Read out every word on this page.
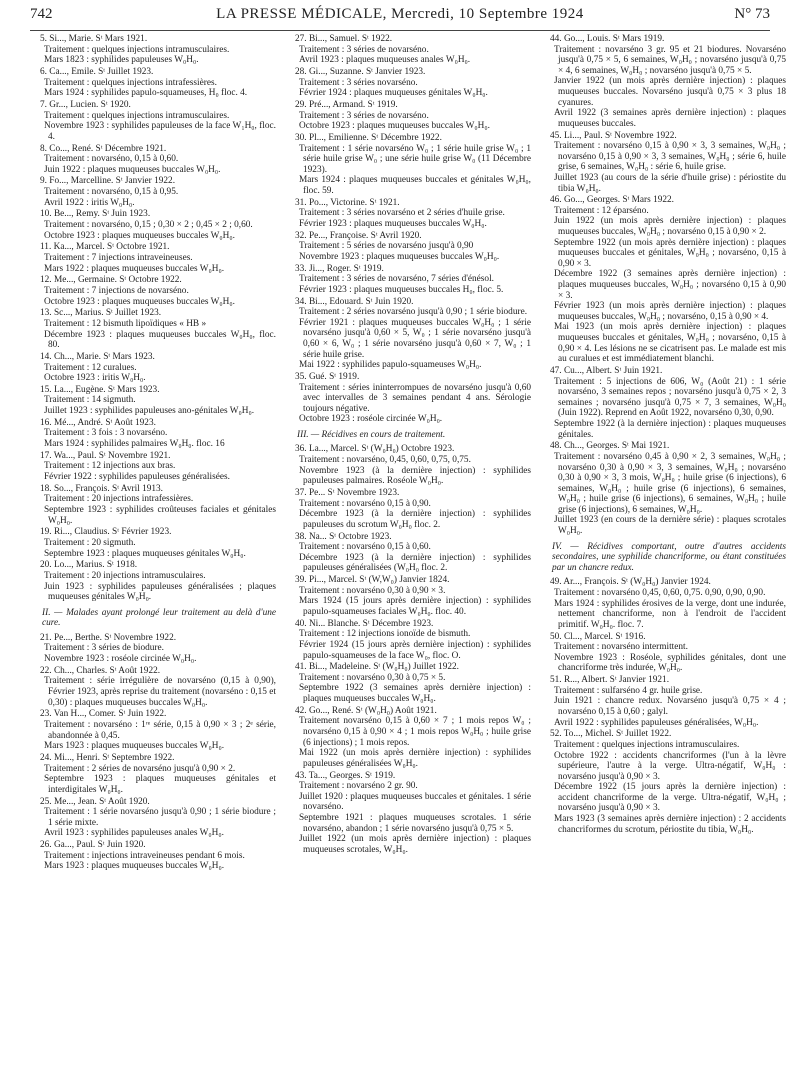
742	LA PRESSE MÉDICALE, Mercredi, 10 Septembre 1924	N° 73
5. Si..., Marie. Sᵗ Mars 1921.
Traitement : quelques injections intramusculaires.
Mars 1823 : syphilides papuleuses W₀H₀.
6. Ca..., Emile. Sᵗ Juillet 1923.
Traitement : quelques injections intrafessières.
Mars 1924 : syphilides papulo-squameuses, H₀ floc. 4.
7. Gr..., Lucien. Sᵗ 1920.
Traitement : quelques injections intramusculaires.
Novembre 1923 : syphilides papuleuses de la face W₁H₀, floc. 4.
8. Co..., René. Sᵗ Décembre 1921.
Traitement : novarséno, 0,15 à 0,60.
Juin 1922 : plaques muqueuses buccales W₀H₀.
9. Fo..., Marcelline. Sᵗ Janvier 1922.
Traitement : novarséno, 0,15 à 0,95.
Avril 1922 : iritis W₀H₀.
10. Be..., Remy. Sᵗ Juin 1923.
Traitement : novarséno, 0,15 ; 0,30 × 2 ; 0,45 × 2 ; 0,60.
Octobre 1923 : plaques muqueuses buccales W₀H₀.
11. Ka..., Marcel. Sᵗ Octobre 1921.
Traitement : 7 injections intraveineuses.
Mars 1922 : plaques muqueuses buccales W₀H₀.
12. Me..., Germaine. Sᵗ Octobre 1922.
Traitement : 7 injections de novarséno.
Octobre 1923 : plaques muqueuses buccales W₀H₀.
13. Sc..., Marius. Sᵗ Juillet 1923.
Traitement : 12 bismuth lipoïdiques « HB »
Décembre 1923 : plaques muqueuses buccales W₀H₀, floc. 80.
14. Ch..., Marie. Sᵗ Mars 1923.
Traitement : 12 curalues.
Octobre 1923 : iritis W₀H₀.
15. La..., Eugène. Sᵗ Mars 1923.
Traitement : 14 sigmuth.
Juillet 1923 : syphilides papuleuses ano-génitales W₀H₀.
16. Mé..., André. Sᵗ Août 1923.
Traitement : 3 fois : 3 novarséno.
Mars 1924 : syphilides palmaires W₀H₀. floc. 16
17. Wa..., Paul. Sᵗ Novembre 1921.
Traitement : 12 injections aux bras.
Février 1922 : syphilides papuleuses généralisées.
18. So..., François. Sᵗ Avril 1913.
Traitement : 20 injections intrafessières.
Septembre 1923 : syphilides croûteuses faciales et génitales W₀H₀.
19. Ri..., Claudius. Sᵗ Février 1923.
Traitement : 20 sigmuth.
Septembre 1923 : plaques muqueuses génitales W₀H₀.
20. Lo..., Marius. Sᵗ 1918.
Traitement : 20 injections intramusculaires.
Juin 1923 : syphilides papuleuses généralisées ; plaques muqueuses génitales W₀H₀.
II. — Malades ayant prolongé leur traitement au delà d'une cure.
21. Pe..., Berthe. Sᵗ Novembre 1922.
Traitement : 3 séries de biodure.
Novembre 1923 : roséole circinée W₀H₀.
22. Ch..., Charles. Sᵗ Août 1922.
Traitement : série irrégulière de novarséno (0,15 à 0,90), Février 1923, après reprise du traitement (novarséno : 0,15 et 0,30) : plaques muqueuses buccales W₀H₀.
23. Van H..., Comer. Sᵗ Juin 1922.
Traitement : novarséno : 1ʳᵉ série, 0,15 à 0,90 × 3 ; 2ᵉ série, abandonnée à 0,45.
Mars 1923 : plaques muqueuses buccales W₀H₀.
24. Mi..., Henri. Sᵗ Septembre 1922.
Traitement : 2 séries de novarséno jusqu'à 0,90 × 2.
Septembre 1923 : plaques muqueuses génitales et interdigitales W₀H₀.
25. Me..., Jean. Sᵗ Août 1920.
Traitement : 1 série novarséno jusqu'à 0,90 ; 1 série biodure ; 1 série mixte.
Avril 1923 : syphilides papuleuses anales W₀H₀.
26. Ga..., Paul. Sᵗ Juin 1920.
Traitement : injections intraveineuses pendant 6 mois.
Mars 1923 : plaques muqueuses buccales W₀H₀.
27. Bi..., Samuel. Sᵗ 1922.
Traitement : 3 séries de novarséno.
Avril 1923 : plaques muqueuses anales W₀H₀.
28. Gi..., Suzanne. Sᵗ Janvier 1923.
Traitement : 3 séries novarséno.
Février 1924 : plaques muqueuses génitales W₀H₀.
29. Pré..., Armand. Sᵗ 1919.
Traitement : 3 séries de novarséno.
Octobre 1923 : plaques muqueuses buccales W₀H₀.
30. Pl..., Emilienne. Sᵗ Décembre 1922.
Traitement : 1 série novarséno W₀ ; 1 série huile grise W₀ ; 1 série huile grise W₀ ; une série huile grise W₀ (11 Décembre 1923).
Mars 1924 : plaques muqueuses buccales et génitales W₀H₀, floc. 59.
31. Po..., Victorine. Sᵗ 1921.
Traitement : 3 séries novarséno et 2 séries d'huile grise.
Février 1923 : plaques muqueuses buccales W₀H₀.
32. Pe..., Françoise. Sᵗ Avril 1920.
Traitement : 5 séries de novarséno jusqu'à 0,90
Novembre 1923 : plaques muqueuses buccales W₀H₀.
33. Ji..., Roger. Sᵗ 1919.
Traitement : 3 séries de novarséno, 7 séries d'énésol.
Février 1923 : plaques muqueuses buccales H₀, floc. 5.
34. Bi..., Edouard. Sᵗ Juin 1920.
Traitement : 2 séries novarséno jusqu'à 0,90 ; 1 série biodure.
Février 1921 : plaques muqueuses buccales W₀H₀ ; 1 série novarséno jusqu'à 0,60 × 5, W₀ ; 1 série novarséno jusqu'à 0,60 × 6, W₀ ; 1 série novarséno jusqu'à 0,60 × 7, W₀ ; 1 série huile grise.
Mai 1922 : syphilides papulo-squameuses W₀H₀.
35. Gué. Sᵗ 1919.
Traitement : séries ininterrompues de novarséno jusqu'à 0,60 avec intervalles de 3 semaines pendant 4 ans. Sérologie toujours négative.
Octobre 1923 : roséole circinée W₀H₀.
III. — Récidives en cours de traitement.
36. La..., Marcel. Sᵗ (W₀H₀) Octobre 1923.
Traitement : novarséno, 0,45, 0,60, 0,75, 0,75.
Novembre 1923 (à la dernière injection) : syphilides papuleuses palmaires. Roséole W₀H₀.
37. Pe... Sᵗ Novembre 1923.
Traitement : novarséno 0,15 à 0,90.
Décembre 1923 (à la dernière injection) : syphilides papuleuses du scrotum W₀H₀ floc. 2.
38. Na... Sᵗ Octobre 1923.
Traitement : novarséno 0,15 à 0,60.
Décembre 1923 (à la dernière injection) : syphilides papuleuses généralisées (W₀H₀ floc. 2.
39. Pi..., Marcel. Sᵗ (W,W₀) Janvier 1824.
Traitement : novarséno 0,30 à 0,90 × 3.
Mars 1924 (15 jours après dernière injection) : syphilides papulo-squameuses faciales W₀H₀. floc. 40.
40. Ni... Blanche. Sᵗ Décembre 1923.
Traitement : 12 injections ionoïde de bismuth.
Février 1924 (15 jours après dernière injection) : syphilides papulo-squameuses de la face W₀, floc. O.
41. Bi..., Madeleine. Sᵗ (W₀H₀) Juillet 1922.
Traitement : novarséno 0,30 à 0,75 × 5.
Septembre 1922 (3 semaines après dernière injection) : plaques muqueuses buccales W₀H₀.
42. Go..., René. Sᵗ (W₀H₀) Août 1921.
Traitement novarséno 0,15 à 0,60 × 7 ; 1 mois repos W₀ ; novarséno 0,15 à 0,90 × 4 ; 1 mois repos W₀H₀ ; huile grise (6 injections) ; 1 mois repos.
Mai 1922 (un mois après dernière injection) : syphilides papuleuses généralisées W₀H₀.
43. Ta..., Georges. Sᵗ 1919.
Traitement : novarséno 2 gr. 90.
Juillet 1920 : plaques muqueuses buccales et génitales. 1 série novarséno.
Septembre 1921 : plaques muqueuses scrotales. 1 série novarséno, abandon ; 1 série novarséno jusqu'à 0,75 × 5.
Juillet 1922 (un mois après dernière injection) : plaques muqueuses scrotales, W₀H₀.
44. Go..., Louis. Sᵗ Mars 1919.
Traitement : novarséno 3 gr. 95 et 21 biodures. Novarséno jusqu'à 0,75 × 5, 6 semaines, W₀H₀ ; novarséno jusqu'à 0,75 × 4, 6 semaines, W₀H₀ ; novarséno jusqu'à 0,75 × 5.
Janvier 1922 (un mois après dernière injection) : plaques muqueuses buccales. Novarséno jusqu'à 0,75 × 3 plus 18 cyanures.
Avril 1922 (3 semaines après dernière injection) : plaques muqueuses buccales.
45. Li..., Paul. Sᵗ Novembre 1922.
Traitement : novarséno 0,15 à 0,90 × 3, 3 semaines, W₀H₀ ; novarséno 0,15 à 0,90 × 3, 3 semaines, W₀H₀ ; série 6, huile grise, 6 semaines, W₀H₀ : série 6, huile grise.
Juillet 1923 (au cours de la série d'huile grise) : périostite du tibia W₀H₀.
46. Go..., Georges. Sᵗ Mars 1922.
Traitement : 12 éparséno.
Juin 1922 (un mois après dernière injection) : plaques muqueuses buccales, W₀H₀ ; novarséno 0,15 à 0,90 × 2.
Septembre 1922 (un mois après dernière injection) : plaques muqueuses buccales et génitales, W₀H₀ ; novarséno, 0,15 à 0,90 × 3.
Décembre 1922 (3 semaines après dernière injection) : plaques muqueuses buccales, W₀H₀ ; novarséno 0,15 à 0,90 × 3.
Février 1923 (un mois après dernière injection) : plaques muqueuses buccales, W₀H₀ ; novarséno, 0,15 à 0,90 × 4.
Mai 1923 (un mois après dernière injection) : plaques muqueuses buccales et génitales, W₀H₀ ; novarséno, 0,15 à 0,90 × 4. Les lésions ne se cicatrisent pas. Le malade est mis au curalues et est immédiatement blanchi.
47. Cu..., Albert. Sᵗ Juin 1921.
Traitement : 5 injections de 606, W₀ (Août 21) : 1 série novarséno, 3 semaines repos ; novarséno jusqu'à 0,75 × 2, 3 semaines ; novarséno jusqu'à 0,75 × 7, 3 semaines, W₀H₀ (Juin 1922). Reprend en Août 1922, novarséno 0,30, 0,90.
Septembre 1922 (à la dernière injection) : plaques muqueuses génitales.
48. Ch..., Georges. Sᵗ Mai 1921.
Traitement : novarséno 0,45 à 0,90 × 2, 3 semaines, W₀H₀ ; novarséno 0,30 à 0,90 × 3, 3 semaines, W₀H₀ ; novarséno 0,30 à 0,90 × 3, 3 mois, W₀H₀ ; huile grise (6 injections), 6 semaines, W₀H₀ ; huile grise (6 injections), 6 semaines, W₀H₀ ; huile grise (6 injections), 6 semaines, W₀H₀ ; huile grise (6 injections), 6 semaines, W₀H₀.
Juillet 1923 (en cours de la dernière série) : plaques scrotales W₀H₀.
IV. — Récidives comportant, outre d'autres accidents secondaires, une syphilide chancriforme, ou étant constituées par un chancre redux.
49. Ar..., François. Sᵗ (W₀H₀) Janvier 1924.
Traitement : novarséno 0,45, 0,60, 0,75. 0,90, 0,90, 0,90.
Mars 1924 : syphilides érosives de la verge, dont une indurée, nettement chancriforme, non à l'endroit de l'accident primitif. W₀H₀. floc. 7.
50. Cl..., Marcel. Sᵗ 1916.
Traitement : novarséno intermittent.
Novembre 1923 : Roséole, syphilides génitales, dont une chancriforme très indurée, W₀H₀.
51. R..., Albert. Sᵗ Janvier 1921.
Traitement : sulfarséno 4 gr. huile grise.
Juin 1921 : chancre redux. Novarséno jusqu'à 0,75 × 4 ; novarséno 0,15 à 0,60 ; galyl.
Avril 1922 : syphilides papuleuses généralisées, W₀H₀.
52. To..., Michel. Sᵗ Juillet 1922.
Traitement : quelques injections intramusculaires.
Octobre 1922 : accidents chancriformes (l'un à la lèvre supérieure, l'autre à la verge. Ultra-négatif, W₀H₀ : novarséno jusqu'à 0,90 × 3.
Décembre 1922 (15 jours après la dernière injection) : accident chancriforme de la verge. Ultra-négatif, W₀H₀ ; novarséno jusqu'à 0,90 × 3.
Mars 1923 (3 semaines après dernière injection) : 2 accidents chancriformes du scrotum, périostite du tibia, W₀H₀.
